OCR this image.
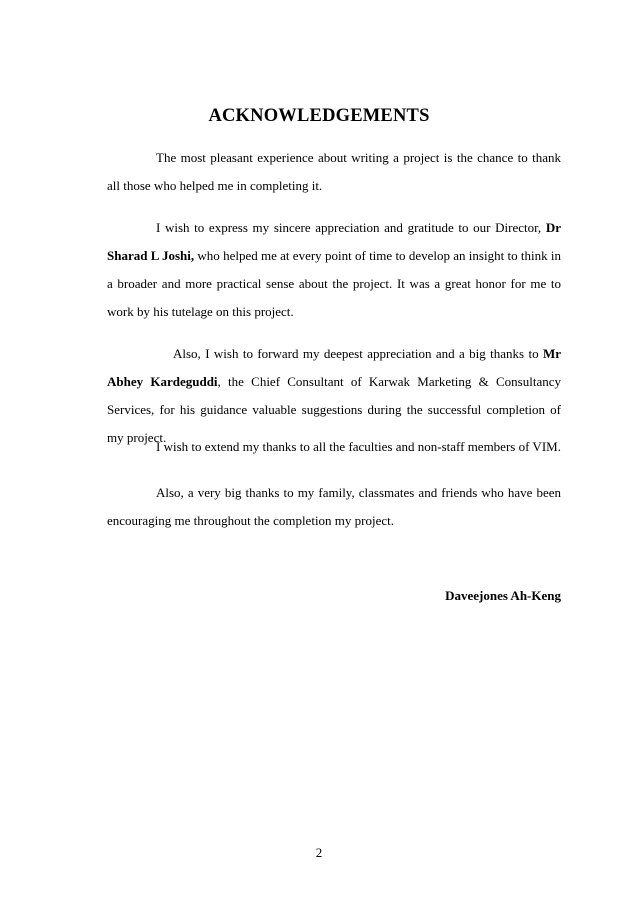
ACKNOWLEDGEMENTS

The most pleasant experience about writing a project is the chance to thank all those who helped me in completing it.

I wish to express my sincere appreciation and gratitude to our Director, Dr Sharad L Joshi, who helped me at every point of time to develop an insight to think in a broader and more practical sense about the project. It was a great honor for me to work by his tutelage on this project.

Also, I wish to forward my deepest appreciation and a big thanks to Mr Abhey Kardeguddi, the Chief Consultant of Karwak Marketing & Consultancy Services, for his guidance valuable suggestions during the successful completion of my project.

I wish to extend my thanks to all the faculties and non-staff members of VIM.

Also, a very big thanks to my family, classmates and friends who have been encouraging me throughout the completion my project.

Daveejones Ah-Keng
2
